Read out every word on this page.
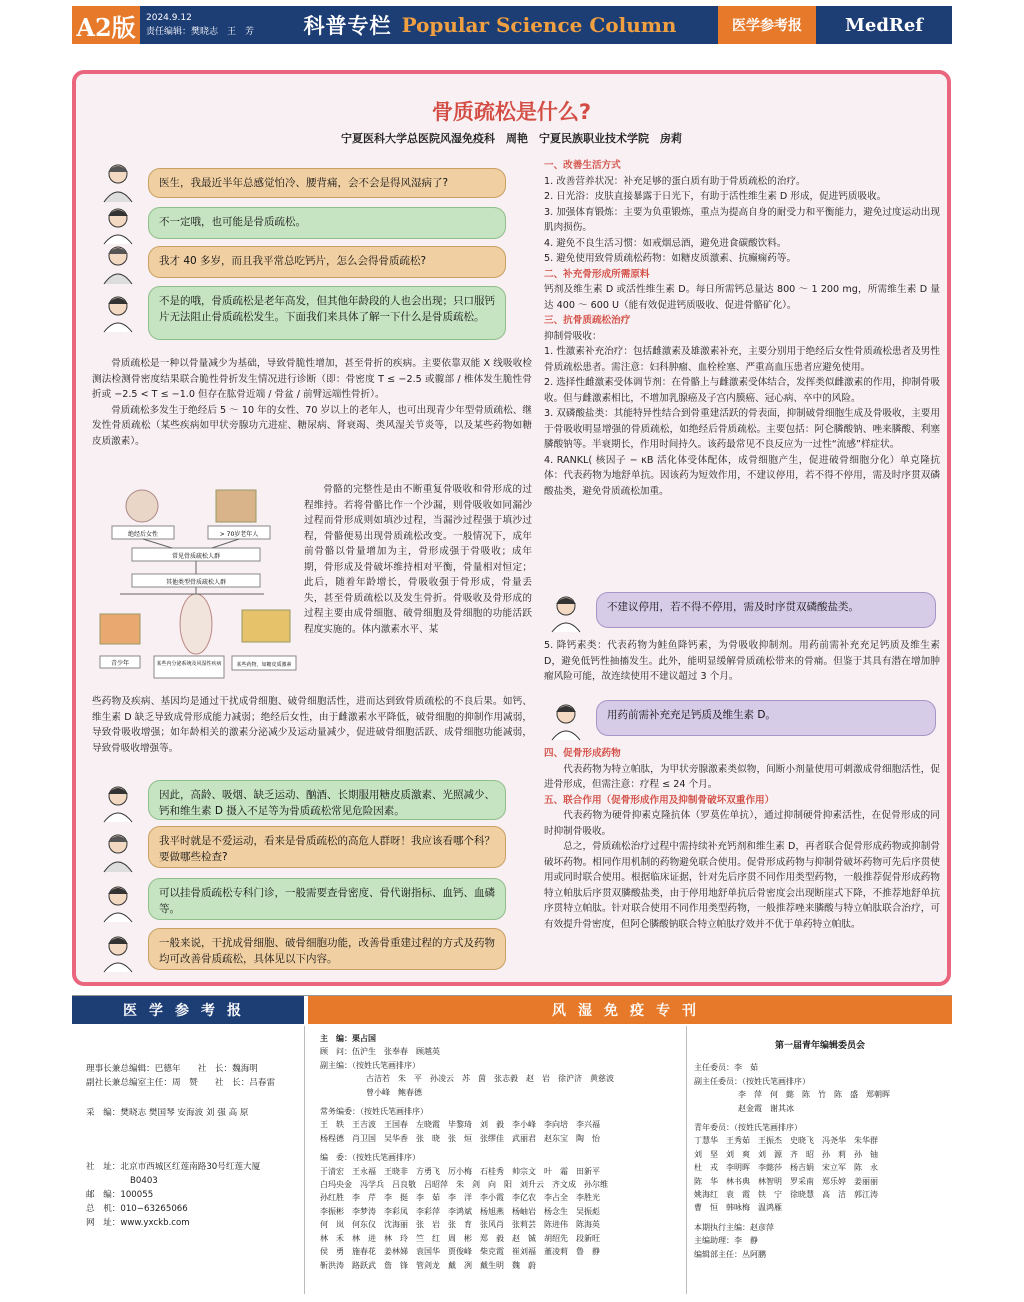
A2版	2024.9.12
责任编辑：樊晓志　王　芳 科普专栏 Popular Science Column	医学参考报	MedRef
骨质疏松是什么?
宁夏医科大学总医院风湿免疫科　周艳　宁夏民族职业技术学院　房莉
医生，我最近半年总感觉怕冷、腰背痛，会不会是得风湿病了?
不一定哦，也可能是骨质疏松。
我才 40 多岁，而且我平常总吃钙片，怎么会得骨质疏松?
不是的哦，骨质疏松是老年高发，但其他年龄段的人也会出现；只口服钙片无法阻止骨质疏松发生。下面我们来具体了解一下什么是骨质疏松。

骨质疏松是一种以骨量减少为基础，导致骨脆性增加，甚至骨折的疾病。主要依靠双能 X 线吸收检测法检测骨密度结果联合脆性骨折发生情况进行诊断（即：骨密度 T ≤ −2.5 或髋部 / 椎体发生脆性骨折或 −2.5 < T ≤ −1.0 但存在肱骨近端 / 骨盆 / 前臂远端性骨折）。

骨质疏松多发生于绝经后 5 ～ 10 年的女性、70 岁以上的老年人，也可出现青少年型骨质疏松、继发性骨质疏松（某些疾病如甲状旁腺功亢进症、糖尿病、肾衰竭、类风湿关节炎等，以及某些药物如糖皮质激素）。

绝经后女性	> 70岁老年人
常见骨质疏松人群
其他类型骨质疏松人群
青少年	某些内分泌系统及风湿性疾病	某些药物，如糖皮质激素
骨骼的完整性是由不断重复骨吸收和骨形成的过程维持。若将骨骼比作一个沙漏，则骨吸收如同漏沙过程而骨形成则如填沙过程，当漏沙过程强于填沙过程，骨骼便易出现骨质疏松改变。一般情况下，成年前骨骼以骨量增加为主，骨形成强于骨吸收；成年期，骨形成及骨破坏维持相对平衡，骨量相对恒定；此后，随着年龄增长，骨吸收强于骨形成，骨量丢失，甚至骨质疏松以及发生骨折。骨吸收及骨形成的过程主要由成骨细胞、破骨细胞及骨细胞的功能活跃程度实施的。体内激素水平、某
些药物及疾病、基因均是通过干扰成骨细胞、破骨细胞活性，进而达到致骨质疏松的不良后果。如钙、维生素 D 缺乏导致成骨形成能力减弱；绝经后女性，由于雌激素水平降低，破骨细胞的抑制作用减弱，导致骨吸收增强；如年龄相关的激素分泌减少及运动量减少，促进破骨细胞活跃、成骨细胞功能减弱，导致骨吸收增强等。
因此，高龄、吸烟、缺乏运动、酗酒、长期服用糖皮质激素、光照减少、钙和维生素 D 摄入不足等为骨质疏松常见危险因素。
我平时就是不爱运动，看来是骨质疏松的高危人群呀！我应该看哪个科？要做哪些检查?
可以挂骨质疏松专科门诊，一般需要查骨密度、骨代谢指标、血钙、血磷等。
一般来说，干扰成骨细胞、破骨细胞功能，改善骨重建过程的方式及药物均可改善骨质疏松，具体见以下内容。
一、改善生活方式
1. 改善营养状况：补充足够的蛋白质有助于骨质疏松的治疗。
2. 日光浴：皮肤直接暴露于日光下，有助于活性维生素 D 形成，促进钙质吸收。
3. 加强体育锻炼：主要为负重锻炼，重点为提高自身的耐受力和平衡能力，避免过度运动出现肌肉损伤。
4. 避免不良生活习惯：如戒烟忌酒，避免进食碳酸饮料。
5. 避免使用致骨质疏松药物：如糖皮质激素、抗癫痫药等。
二、补充骨形成所需原料
钙剂及维生素 D 或活性维生素 D。每日所需钙总量达 800 ～ 1 200 mg，所需维生素 D 量达 400 ～ 600 U（能有效促进钙质吸收、促进骨骼矿化）。
三、抗骨质疏松治疗
抑制骨吸收：
1. 性激素补充治疗：包括雌激素及雄激素补充，主要分别用于绝经后女性骨质疏松患者及男性骨质疏松患者。需注意：妇科肿瘤、血栓栓塞、严重高血压患者应避免使用。
2. 选择性雌激素受体调节剂：在骨骼上与雌激素受体结合，发挥类似雌激素的作用，抑制骨吸收。但与雌激素相比，不增加乳腺癌及子宫内膜癌、冠心病、卒中的风险。
3. 双磷酸盐类：其能特异性结合到骨重建活跃的骨表面，抑制破骨细胞生成及骨吸收，主要用于骨吸收明显增强的骨质疏松，如绝经后骨质疏松。主要包括：阿仑膦酸钠、唑来膦酸、利塞膦酸钠等。半衰期长，作用时间持久。该药最常见不良反应为一过性“流感”样症状。
4. RANKL( 核因子 − κB 活化体受体配体，成骨细胞产生，促进破骨细胞分化）单克隆抗体：代表药物为地舒单抗。因该药为短效作用，不建议停用，若不得不停用，需及时序贯双磷酸盐类，避免骨质疏松加重。
不建议停用，若不得不停用，需及时序贯双磷酸盐类。
5. 降钙素类：代表药物为鲑鱼降钙素，为骨吸收抑制剂。用药前需补充充足钙质及维生素 D，避免低钙性抽搐发生。此外，能明显缓解骨质疏松带来的骨痛。但鉴于其具有潜在增加肿瘤风险可能，故连续使用不建议超过 3 个月。
用药前需补充充足钙质及维生素 D。
四、促骨形成药物

代表药物为特立帕肽，为甲状旁腺激素类似物，间断小剂量使用可刺激成骨细胞活性，促进骨形成，但需注意：疗程 ≤ 24 个月。

五、联合作用（促骨形成作用及抑制骨破坏双重作用）

代表药物为硬骨抑素克隆抗体（罗莫佐单抗），通过抑制硬骨抑素活性，在促骨形成的同时抑制骨吸收。

总之，骨质疏松治疗过程中需持续补充钙剂和维生素 D，再者联合促骨形成药物或抑制骨破坏药物。相同作用机制的药物避免联合使用。促骨形成药物与抑制骨破坏药物可先后序贯使用或同时联合使用。根据临床证据，针对先后序贯不同作用类型药物，一般推荐促骨形成药物特立帕肽后序贯双膦酸盐类，由于停用地舒单抗后骨密度会出现断崖式下降，不推荐地舒单抗序贯特立帕肽。针对联合使用不同作用类型药物，一般推荐唑来膦酸与特立帕肽联合治疗，可有效提升骨密度，但阿仑膦酸钠联合特立帕肽疗效并不优于单药特立帕肽。

医学参考报	风湿免疫专刊
理事长兼总编辑：巴德年　　社　长：魏海明
副社长兼总编室主任：周　赞　　社　长：吕春雷
采　编：樊晓志 樊国琴 安海波 刘 强 高 原
社　址：北京市西城区红莲南路30号红莲大厦
B0403
邮　编：100055
总　机：010−63265066
网　址：www.yxckb.com
主　编：栗占国
顾　问：伍沪生　张奉春　顾越英
副主编：（按姓氏笔画排序）
古洁若　朱　平　孙凌云　苏　茵　张志毅　赵　岩　徐沪济　黄慈波
曾小峰　鲍春德
常务编委：（按姓氏笔画排序）
王　轶　王吉波　王国春　左晓霞　毕黎琦　刘　毅　李小峰　李向培　李兴福
杨程德　肖卫国　吴华香　张　晓　张　烜　张缪佳　武丽君　赵东宝　陶　怡
编　委：（按姓氏笔画排序）
于清宏　王永福　王晓非　方勇飞　厉小梅　石桂秀　帅宗文　叶　霜　田新平
白玛央金　冯学兵　吕良敬　吕昭萍　朱　剑　向　阳　刘升云　齐文成　孙尔维
孙红胜　李　芹　李　挺　李　茹　李　洋　李小霞　李亿农　李占全　李胜光
李振彬　李梦涛　李彩凤　李彩萍　李鸿斌　杨旭燕　杨岫岩　杨念生　吴振彪
何　岚　何东仪　沈海丽　张　岩　张　育　张风肖　张莉芸　陈进伟　陈海英
林　禾　林　进　林　玲　竺　红　周　彬　郑　毅　赵　铖　胡绍先　段新旺
侯　勇　施春花　姜林娣　袁国华　贾俊峰　柴克霞　崔刘福　董凌莉　鲁　静
靳洪涛　路跃武　詹　锋　管剑龙　戴　冽　戴生明　魏　蔚
第一届青年编辑委员会
主任委员：李　茹
副主任委员：（按姓氏笔画排序）
李　萍　何　懿　陈　竹　陈　盛　郑朝晖
赵金霞　谢其冰
青年委员：（按姓氏笔画排序）
丁慧华　王秀茹　王振杰　史晓飞　冯尧华　朱华群
刘　坚　刘　爽　刘　源　齐　昭　孙　莉　孙　铀
杜　戎　李明晖　李懿莎　杨吉娟　宋立军　陈　永
陈　华　林书典　林智明　罗采南　郑乐婷　姜丽丽
姚海红　袁　霞　铁　宁　徐晓慧　高　洁　郭江涛
曹　恒　韩咏梅　温鸿雁
本期执行主编：赵彦萍
主编助理：李　静
编辑部主任：丛阿鹏
